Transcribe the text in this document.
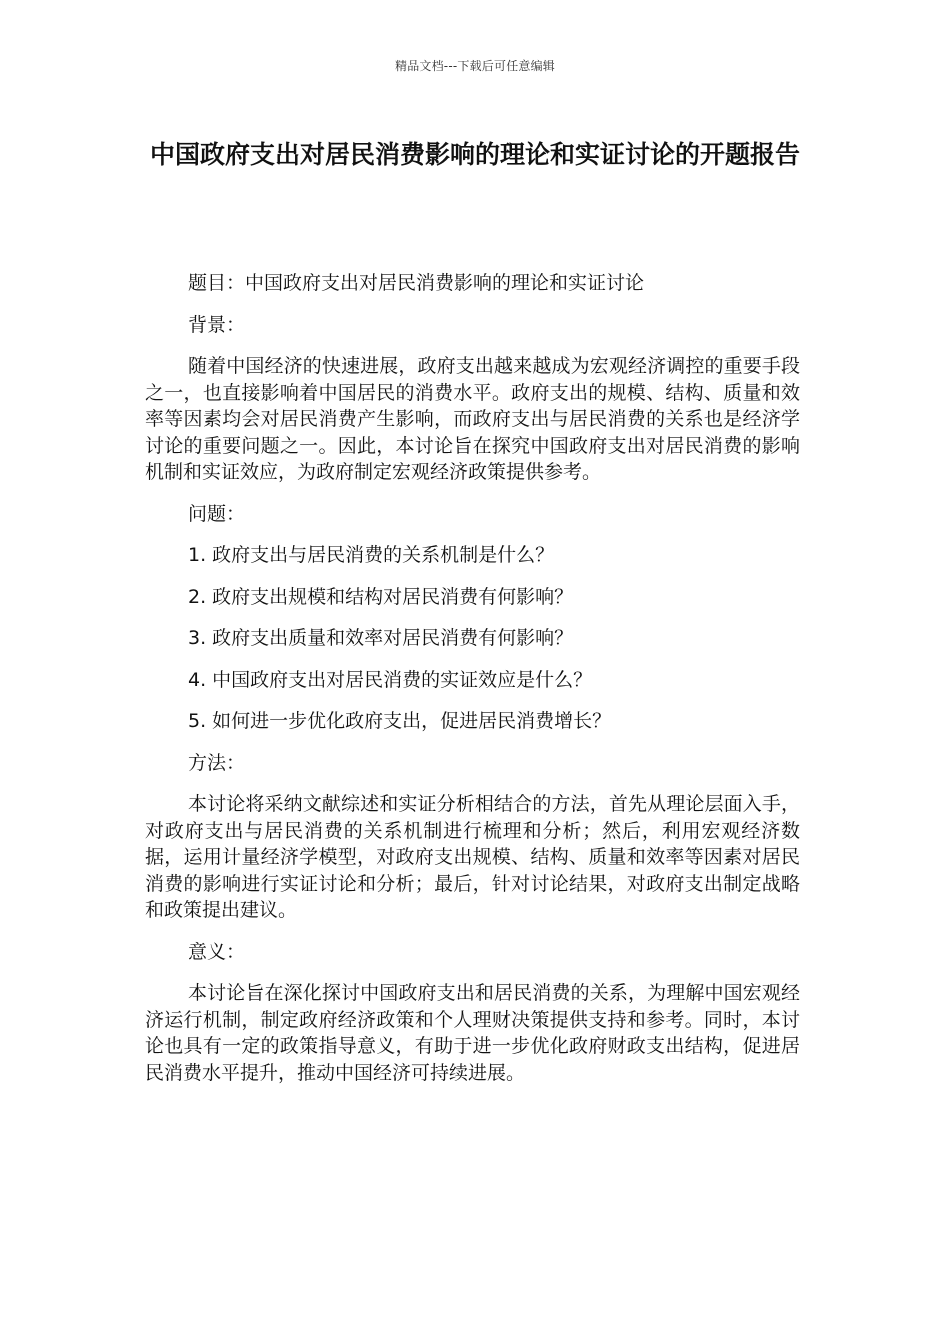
精品文档---下载后可任意编辑
中国政府支出对居民消费影响的理论和实证讨论的开题报告

题目：中国政府支出对居民消费影响的理论和实证讨论

背景：

随着中国经济的快速进展，政府支出越来越成为宏观经济调控的重要手段之一，也直接影响着中国居民的消费水平。政府支出的规模、结构、质量和效率等因素均会对居民消费产生影响，而政府支出与居民消费的关系也是经济学讨论的重要问题之一。因此，本讨论旨在探究中国政府支出对居民消费的影响机制和实证效应，为政府制定宏观经济政策提供参考。

问题：

1. 政府支出与居民消费的关系机制是什么？

2. 政府支出规模和结构对居民消费有何影响？

3. 政府支出质量和效率对居民消费有何影响？

4. 中国政府支出对居民消费的实证效应是什么？

5. 如何进一步优化政府支出，促进居民消费增长？

方法：

本讨论将采纳文献综述和实证分析相结合的方法，首先从理论层面入手，对政府支出与居民消费的关系机制进行梳理和分析；然后，利用宏观经济数据，运用计量经济学模型，对政府支出规模、结构、质量和效率等因素对居民消费的影响进行实证讨论和分析；最后，针对讨论结果，对政府支出制定战略和政策提出建议。

意义：

本讨论旨在深化探讨中国政府支出和居民消费的关系，为理解中国宏观经济运行机制，制定政府经济政策和个人理财决策提供支持和参考。同时，本讨论也具有一定的政策指导意义，有助于进一步优化政府财政支出结构，促进居民消费水平提升，推动中国经济可持续进展。
